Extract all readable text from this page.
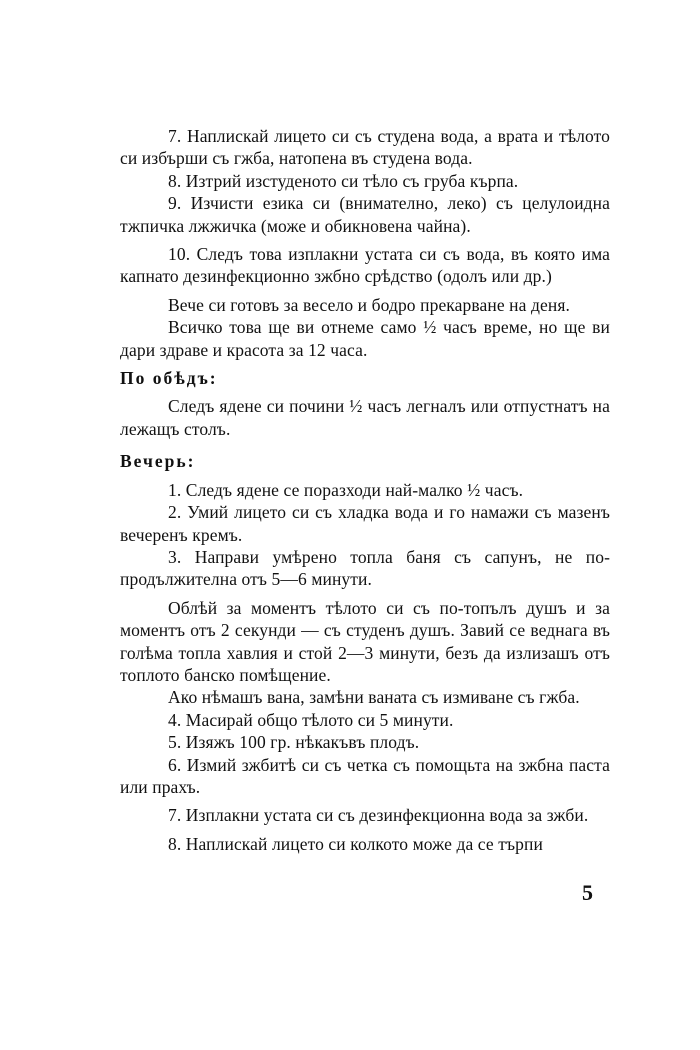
7. Наплискай лицето си съ студена вода, а врата и тѣлото си избърши съ гжба, натопена въ студена вода.

8. Изтрий изстуденото си тѣло съ груба кърпа.

9. Изчисти езика си (внимателно, леко) съ целулоидна тжпичка лжжичка (може и обикновена чайна).

10. Следъ това изплакни устата си съ вода, въ която има капнато дезинфекционно зжбно срѣдство (одолъ или др.)

Вече си готовъ за весело и бодро прекарване на деня.

Всичко това ще ви отнеме само ½ часъ време, но ще ви дари здраве и красота за 12 часа.

По обѣдъ:

Следъ ядене си почини ½ часъ легналъ или отпустнатъ на лежащъ столъ.

Вечерь:

1. Следъ ядене се поразходи най-малко ½ часъ.

2. Умий лицето си съ хладка вода и го намажи съ мазенъ вечеренъ кремъ.

3. Направи умѣрено топла баня съ сапунъ, не по-продължителна отъ 5—6 минути.

Облѣй за моментъ тѣлото си съ по-топълъ душъ и за моментъ отъ 2 секунди — съ студенъ душъ. Завий се веднага въ голѣма топла хавлия и стой 2—3 минути, безъ да излизашъ отъ топлото банско помѣщение.

Ако нѣмашъ вана, замѣни ваната съ измиване съ гжба.

4. Масирай общо тѣлото си 5 минути.

5. Изяжъ 100 гр. нѣкакъвъ плодъ.

6. Измий зжбитѣ си съ четка съ помощьта на зжбна паста или прахъ.

7. Изплакни устата си съ дезинфекционна вода за зжби.

8. Наплискай лицето си колкото може да се търпи

5
